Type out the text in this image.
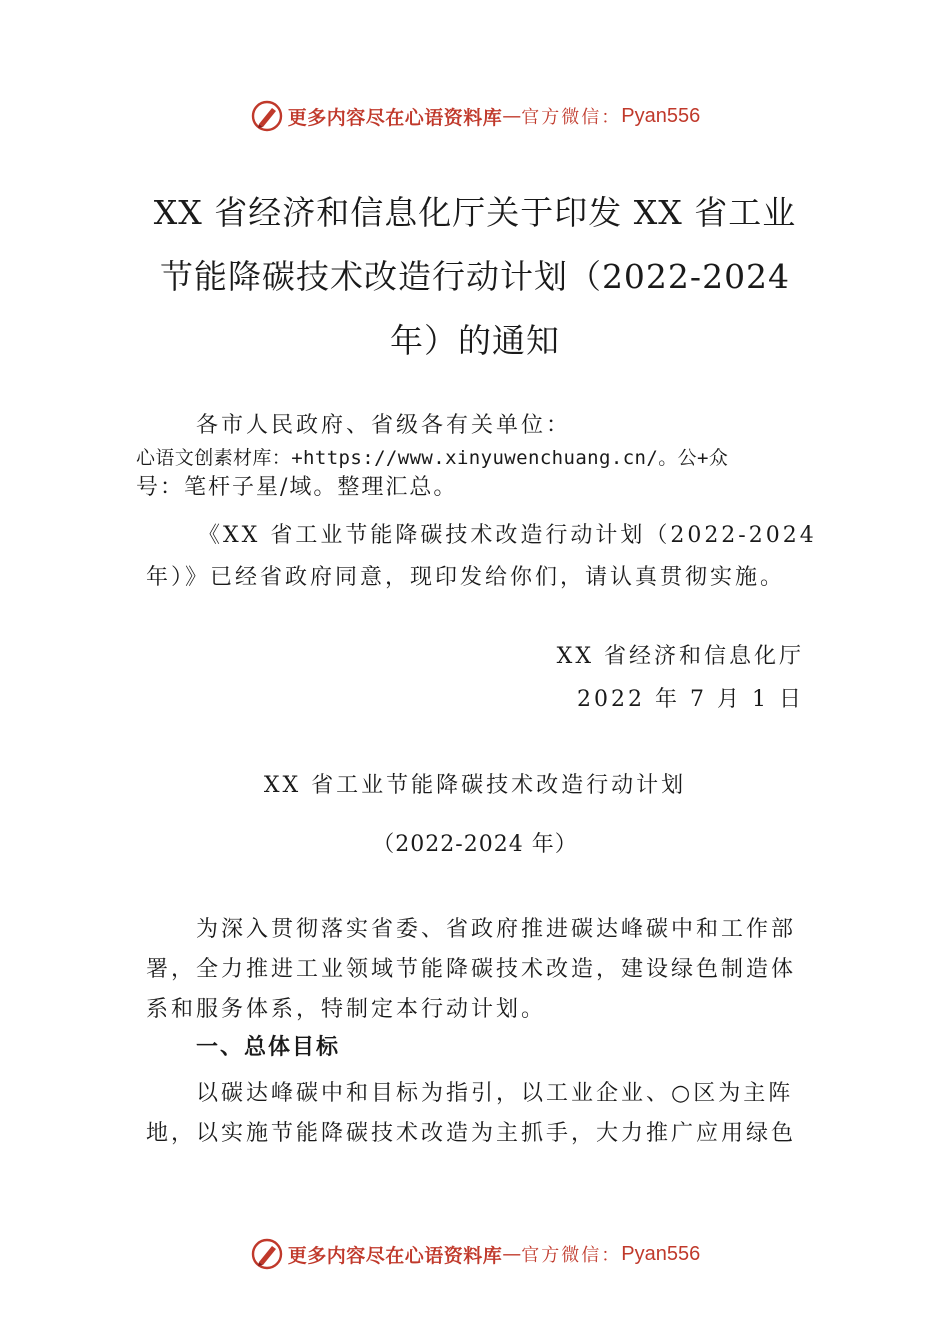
更多内容尽在心语资料库 — 官方微信： Pyan556
XX 省经济和信息化厅关于印发 XX 省工业
节能降碳技术改造行动计划（2022-2024
年）的通知
各市人民政府、省级各有关单位：
心语文创素材库：+https://www.xinyuwenchuang.cn/。公+众
号：笔杆子星/域。整理汇总。
《XX 省工业节能降碳技术改造行动计划（2022-2024
年）》已经省政府同意，现印发给你们，请认真贯彻实施。
XX 省经济和信息化厅
2022 年 7 月 1 日
XX 省工业节能降碳技术改造行动计划
（2022-2024 年）
为深入贯彻落实省委、省政府推进碳达峰碳中和工作部
署，全力推进工业领域节能降碳技术改造，建设绿色制造体
系和服务体系，特制定本行动计划。
一、总体目标
以碳达峰碳中和目标为指引，以工业企业、○区为主阵
地，以实施节能降碳技术改造为主抓手，大力推广应用绿色
更多内容尽在心语资料库 — 官方微信： Pyan556
